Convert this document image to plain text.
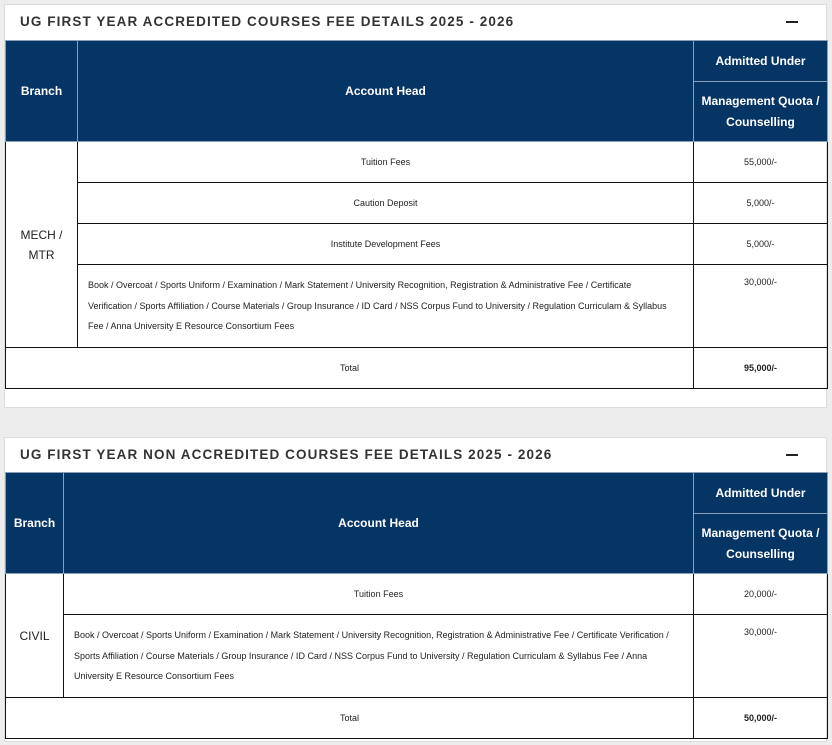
UG FIRST YEAR ACCREDITED COURSES FEE DETAILS 2025 - 2026
Branch	Account Head	Admitted Under
		Management Quota / Counselling
MECH / MTR	Tuition Fees	55,000/-
	Caution Deposit	5,000/-
	Institute Development Fees	5,000/-
	Book / Overcoat / Sports Uniform / Examination / Mark Statement / University Recognition, Registration & Administrative Fee / Certificate Verification / Sports Affiliation / Course Materials / Group Insurance / ID Card / NSS Corpus Fund to University / Regulation Curriculam & Syllabus Fee / Anna University E Resource Consortium Fees	30,000/-
Total		95,000/-
UG FIRST YEAR NON ACCREDITED COURSES FEE DETAILS 2025 - 2026
Branch	Account Head	Admitted Under
		Management Quota / Counselling
CIVIL	Tuition Fees	20,000/-
	Book / Overcoat / Sports Uniform / Examination / Mark Statement / University Recognition, Registration & Administrative Fee / Certificate Verification / Sports Affiliation / Course Materials / Group Insurance / ID Card / NSS Corpus Fund to University / Regulation Curriculam & Syllabus Fee / Anna University E Resource Consortium Fees	30,000/-
Total		50,000/-
